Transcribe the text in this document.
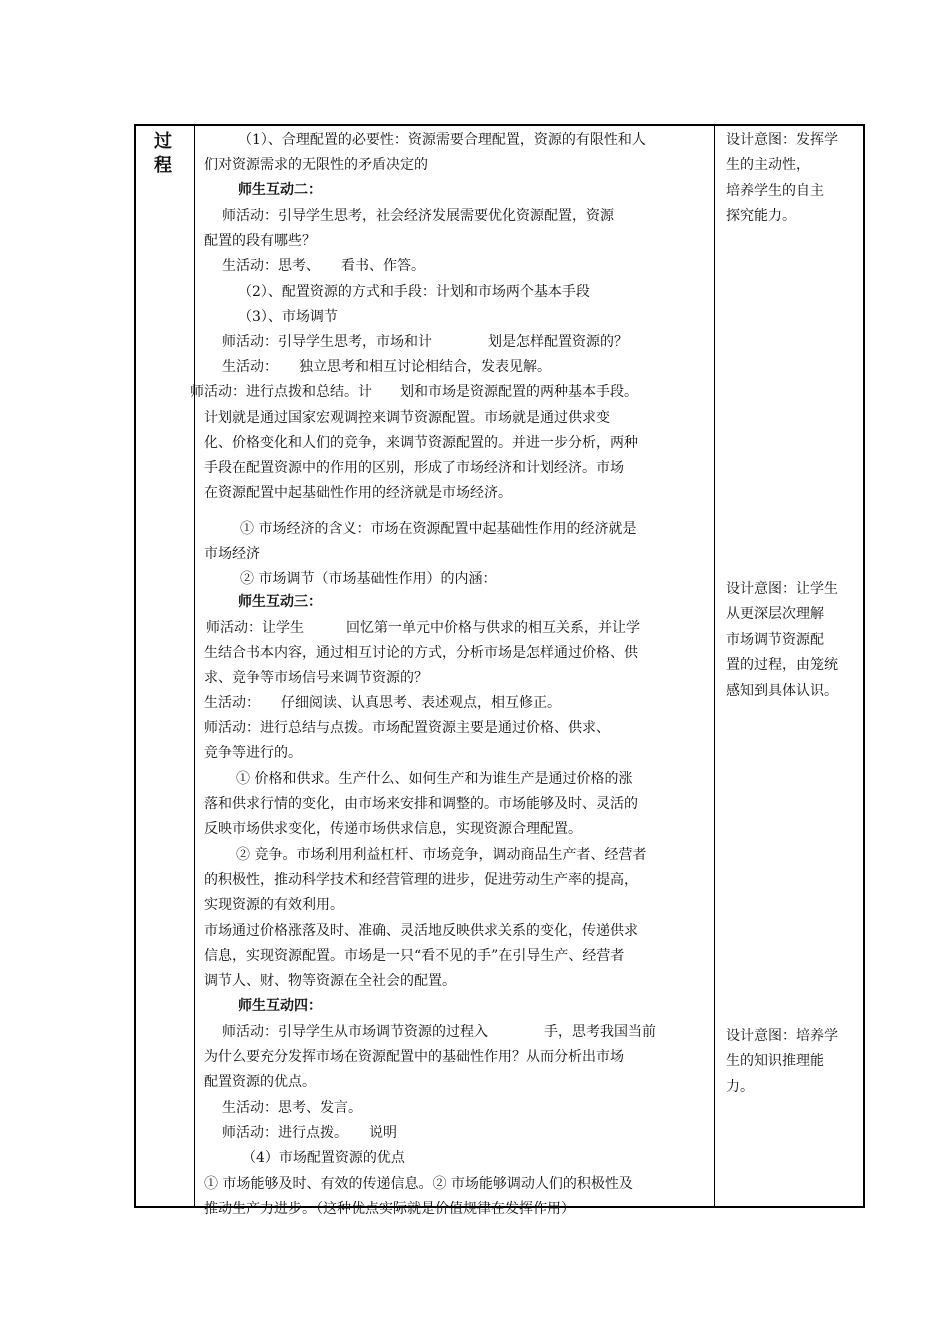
过
程
（1）、合理配置的必要性：资源需要合理配置，资源的有限性和人
们对资源需求的无限性的矛盾决定的
师生互动二：
师活动：引导学生思考，社会经济发展需要优化资源配置，资源
配置的段有哪些？
生活动：思考、　　看书、作答。
（2）、配置资源的方式和手段：计划和市场两个基本手段
（3）、市场调节
师活动：引导学生思考，市场和计　　　　划是怎样配置资源的？
生活动：　　独立思考和相互讨论相结合，发表见解。
师活动：进行点拨和总结。计　　划和市场是资源配置的两种基本手段。
计划就是通过国家宏观调控来调节资源配置。市场就是通过供求变
化、价格变化和人们的竞争，来调节资源配置的。并进一步分析，两种
手段在配置资源中的作用的区别，形成了市场经济和计划经济。市场
在资源配置中起基础性作用的经济就是市场经济。
① 市场经济的含义：市场在资源配置中起基础性作用的经济就是
市场经济
② 市场调节（市场基础性作用）的内涵：
师生互动三：
师活动：让学生　　　回忆第一单元中价格与供求的相互关系，并让学
生结合书本内容，通过相互讨论的方式，分析市场是怎样通过价格、供
求、竞争等市场信号来调节资源的？
生活动：　　仔细阅读、认真思考、表述观点，相互修正。
师活动：进行总结与点拨。市场配置资源主要是通过价格、供求、
竞争等进行的。
① 价格和供求。生产什么、如何生产和为谁生产是通过价格的涨
落和供求行情的变化，由市场来安排和调整的。市场能够及时、灵活的
反映市场供求变化，传递市场供求信息，实现资源合理配置。
② 竞争。市场利用利益杠杆、市场竞争，调动商品生产者、经营者
的积极性，推动科学技术和经营管理的进步，促进劳动生产率的提高，
实现资源的有效利用。
市场通过价格涨落及时、准确、灵活地反映供求关系的变化，传递供求
信息，实现资源配置。市场是一只“看不见的手”在引导生产、经营者
调节人、财、物等资源在全社会的配置。
师生互动四：
师活动：引导学生从市场调节资源的过程入　　　　手，思考我国当前
为什么要充分发挥市场在资源配置中的基础性作用？从而分析出市场
配置资源的优点。
生活动：思考、发言。
师活动：进行点拨。　　说明
（4）市场配置资源的优点
① 市场能够及时、有效的传递信息。② 市场能够调动人们的积极性及
推动生产力进步。（这种优点实际就是价值规律在发挥作用）
设计意图：发挥学
生的主动性，
培养学生的自主
探究能力。
设计意图：让学生
从更深层次理解
市场调节资源配
置的过程，由笼统
感知到具体认识。
设计意图：培养学
生的知识推理能
力。
